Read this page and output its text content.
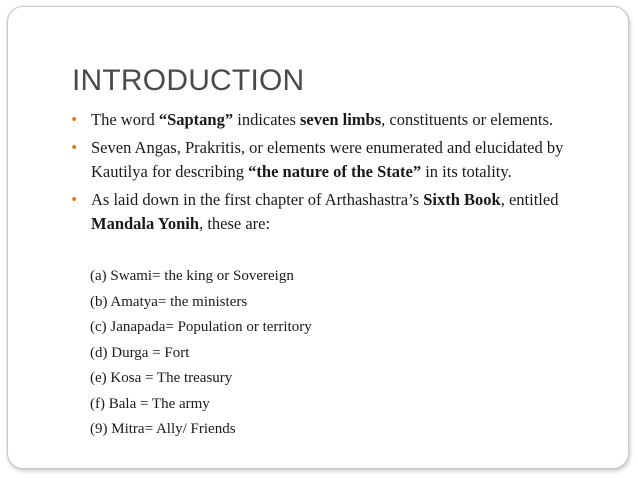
INTRODUCTION
• The word “Saptang” indicates seven limbs, constituents or elements.
• Seven Angas, Prakritis, or elements were enumerated and elucidated by Kautilya for describing “the nature of the State” in its totality.
• As laid down in the first chapter of Arthashastra’s Sixth Book, entitled Mandala Yonih, these are:
(a) Swami= the king or Sovereign
(b) Amatya= the ministers
(c) Janapada= Population or territory
(d) Durga = Fort
(e) Kosa = The treasury
(f) Bala = The army
(9) Mitra= Ally/ Friends
